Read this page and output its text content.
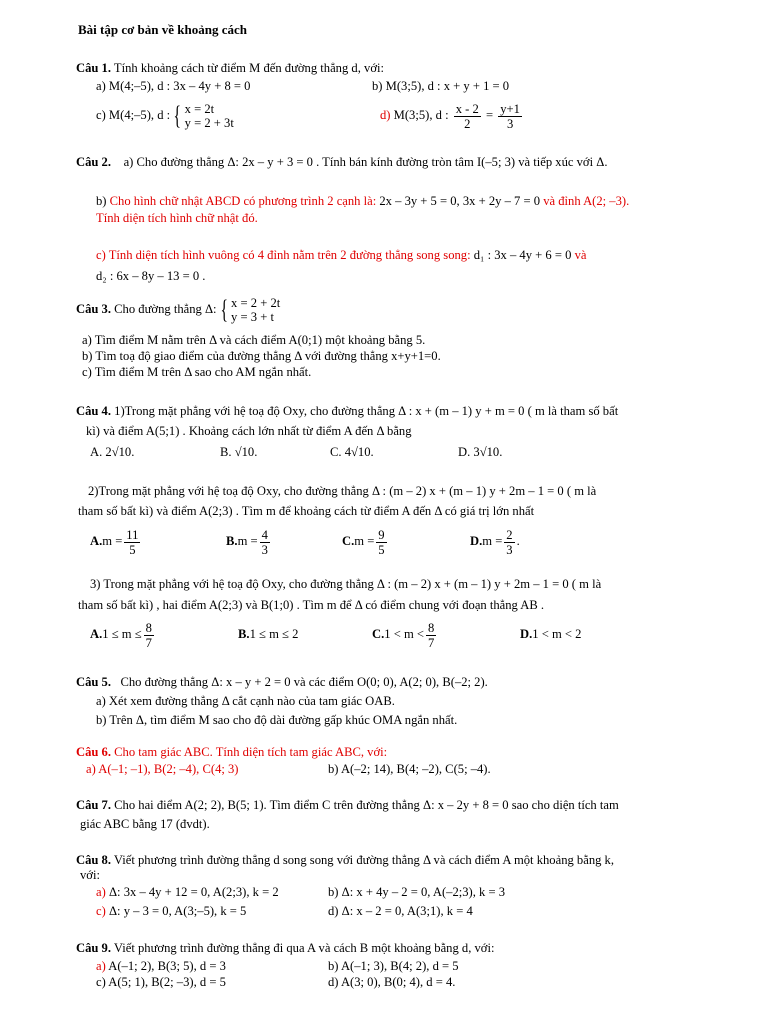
Bài tập cơ bản về khoảng cách
Câu 1. Tính khoảng cách từ điểm M đến đường thẳng d, với:
a) M(4;–5), d : 3x – 4y + 8 = 0	b) M(3;5), d : x + y + 1 = 0
c) M(4;–5), d : { x = 2t
y = 2 + 3t
d) M(3;5), d : $\frac{x - 2}{2} = \frac{y+1}{3}$
Câu 2. a) Cho đường thẳng Δ: 2x – y + 3 = 0 . Tính bán kính đường tròn tâm I(–5; 3) và tiếp xúc với Δ.
b) Cho hình chữ nhật ABCD có phương trình 2 cạnh là: 2x – 3y + 5 = 0, 3x + 2y – 7 = 0 và đỉnh A(2; –3).
Tính diện tích hình chữ nhật đó.
c) Tính diện tích hình vuông có 4 đỉnh nằm trên 2 đường thẳng song song: d₁ : 3x – 4y + 6 = 0 và
d₂ : 6x – 8y – 13 = 0 .
Câu 3. Cho đường thẳng Δ: { x = 2 + 2t
y = 3 + t
a) Tìm điểm M nằm trên Δ và cách điểm A(0;1) một khoảng bằng 5.
b) Tìm toạ độ giao điểm của đường thẳng Δ với đường thẳng x+y+1=0.
c) Tìm điểm M trên Δ sao cho AM ngắn nhất.
Câu 4. 1)Trong mặt phẳng với hệ toạ độ Oxy, cho đường thẳng Δ : x + (m – 1) y + m = 0 ( m là tham số bất
kì) và điểm A(5;1) . Khoảng cách lớn nhất từ điểm A đến Δ bằng
A. 2√10.	B. √10.	C. 4√10.	D. 3√10.
2)Trong mặt phẳng với hệ toạ độ Oxy, cho đường thẳng Δ : (m – 2) x + (m – 1) y + 2m – 1 = 0 ( m là
tham số bất kì) và điểm A(2;3) . Tìm m để khoảng cách từ điểm A đến Δ có giá trị lớn nhất
$A.m = \frac{11}{5}$	$B.m = \frac{4}{3}$	$C.m = \frac{9}{5}$	$D.m = \frac{2}{3}$ .
3) Trong mặt phẳng với hệ toạ độ Oxy, cho đường thẳng Δ : (m – 2) x + (m – 1) y + 2m – 1 = 0 ( m là
tham số bất kì) , hai điểm A(2;3) và B(1;0) . Tìm m để Δ có điểm chung với đoạn thẳng AB .
$A.1 \le m \le \frac{8}{7}$	B.1 ≤ m ≤ 2	$C.1 < m < \frac{8}{7}$	D.1 < m < 2
Câu 5. Cho đường thẳng Δ: x – y + 2 = 0 và các điểm O(0; 0), A(2; 0), B(–2; 2).
a) Xét xem đường thẳng Δ cắt cạnh nào của tam giác OAB.
b) Trên Δ, tìm điểm M sao cho độ dài đường gấp khúc OMA ngắn nhất.
Câu 6. Cho tam giác ABC. Tính diện tích tam giác ABC, với:
a) A(–1; –1), B(2; –4), C(4; 3)	b) A(–2; 14), B(4; –2), C(5; –4).
Câu 7. Cho hai điểm A(2; 2), B(5; 1). Tìm điểm C trên đường thẳng Δ: x – 2y + 8 = 0 sao cho diện tích tam
giác ABC bằng 17 (đvdt).
Câu 8. Viết phương trình đường thẳng d song song với đường thẳng Δ và cách điểm A một khoảng bằng k,
với:
a) Δ: 3x – 4y + 12 = 0, A(2;3), k = 2	b) Δ: x + 4y – 2 = 0, A(–2;3), k = 3
c) Δ: y – 3 = 0, A(3;–5), k = 5	d) Δ: x – 2 = 0, A(3;1), k = 4
Câu 9. Viết phương trình đường thẳng đi qua A và cách B một khoảng bằng d, với:
a) A(–1; 2), B(3; 5), d = 3	b) A(–1; 3), B(4; 2), d = 5
c) A(5; 1), B(2; –3), d = 5	d) A(3; 0), B(0; 4), d = 4.
